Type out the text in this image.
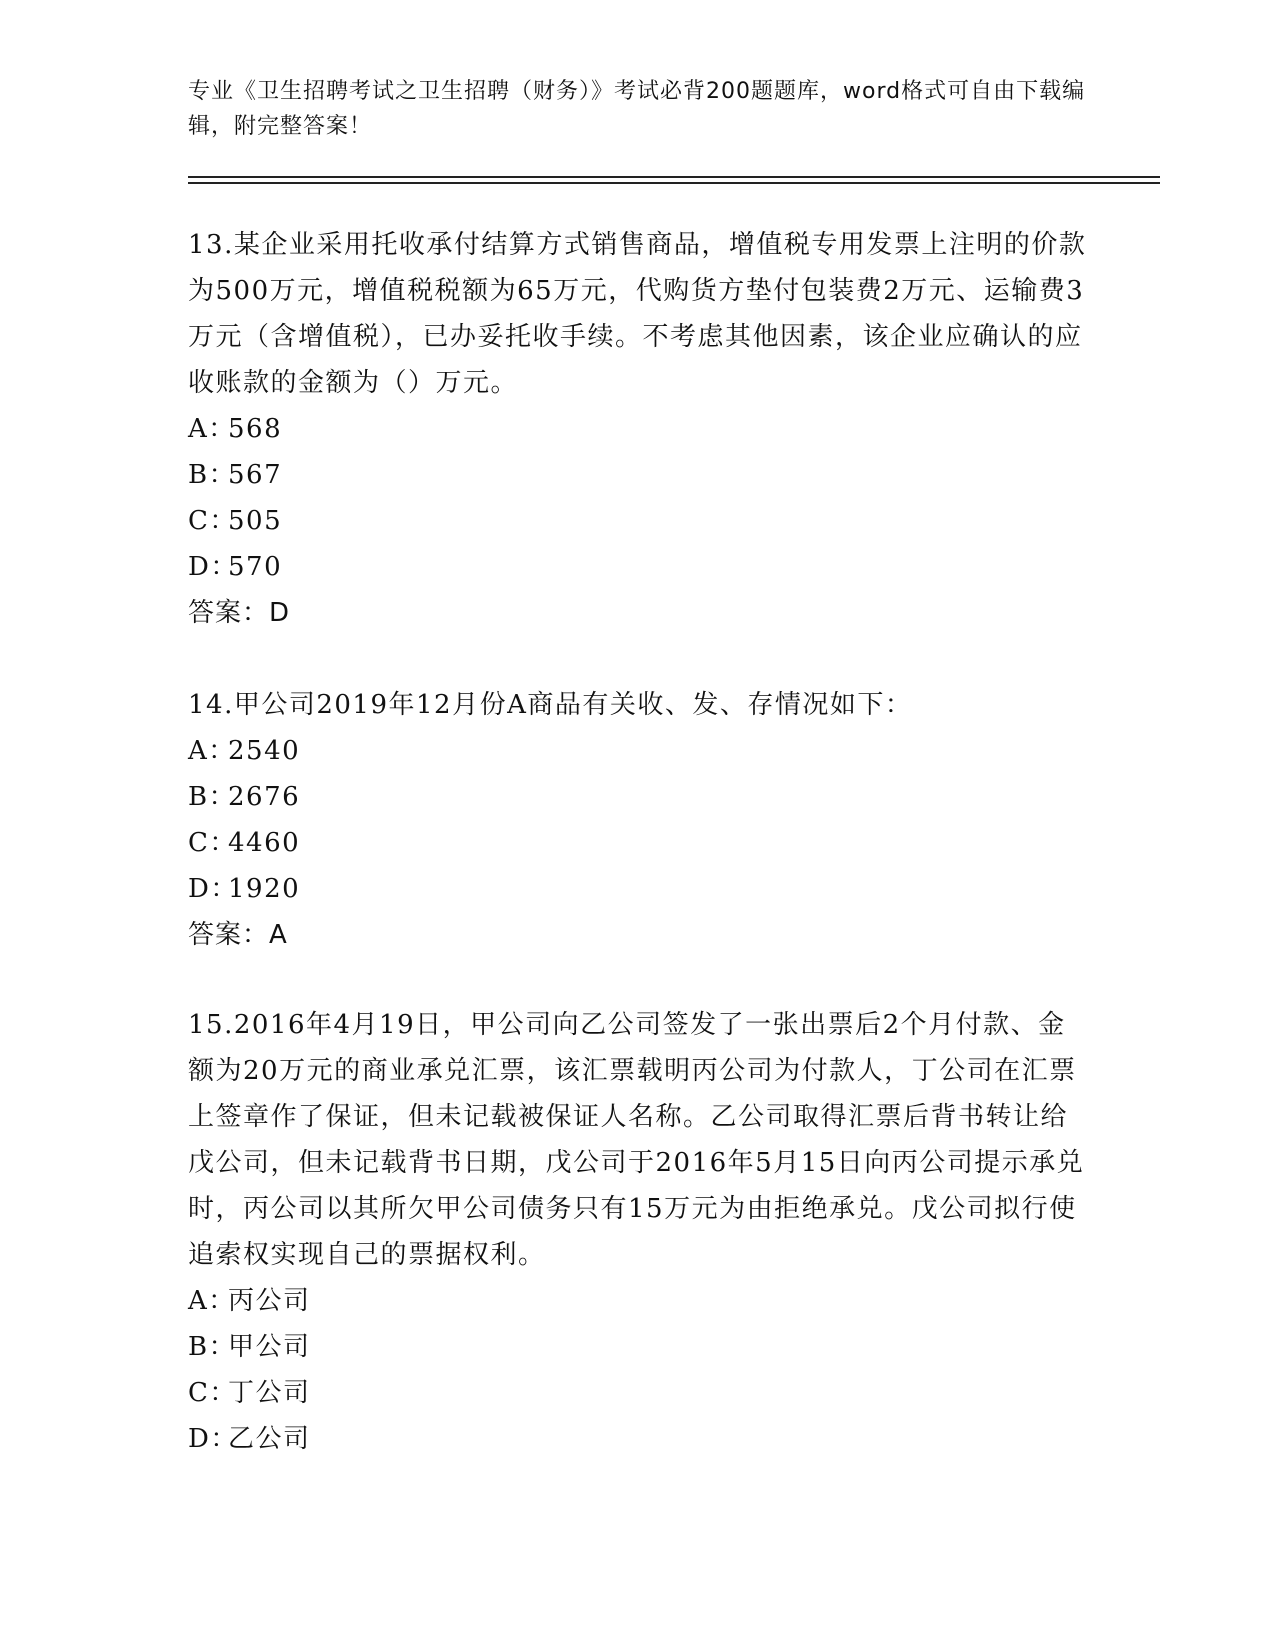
专业《卫生招聘考试之卫生招聘（财务）》考试必背200题题库，word格式可自由下载编辑，附完整答案！
13.某企业采用托收承付结算方式销售商品，增值税专用发票上注明的价款为500万元，增值税税额为65万元，代购货方垫付包装费2万元、运输费3万元（含增值税），已办妥托收手续。不考虑其他因素，该企业应确认的应收账款的金额为（）万元。
A：568
B：567
C：505
D：570
答案：D
14.甲公司2019年12月份A商品有关收、发、存情况如下：
A：2540
B：2676
C：4460
D：1920
答案：A
15.2016年4月19日，甲公司向乙公司签发了一张出票后2个月付款、金额为20万元的商业承兑汇票，该汇票载明丙公司为付款人，丁公司在汇票上签章作了保证，但未记载被保证人名称。乙公司取得汇票后背书转让给戊公司，但未记载背书日期，戊公司于2016年5月15日向丙公司提示承兑时，丙公司以其所欠甲公司债务只有15万元为由拒绝承兑。戊公司拟行使追索权实现自己的票据权利。
A：丙公司
B：甲公司
C：丁公司
D：乙公司
